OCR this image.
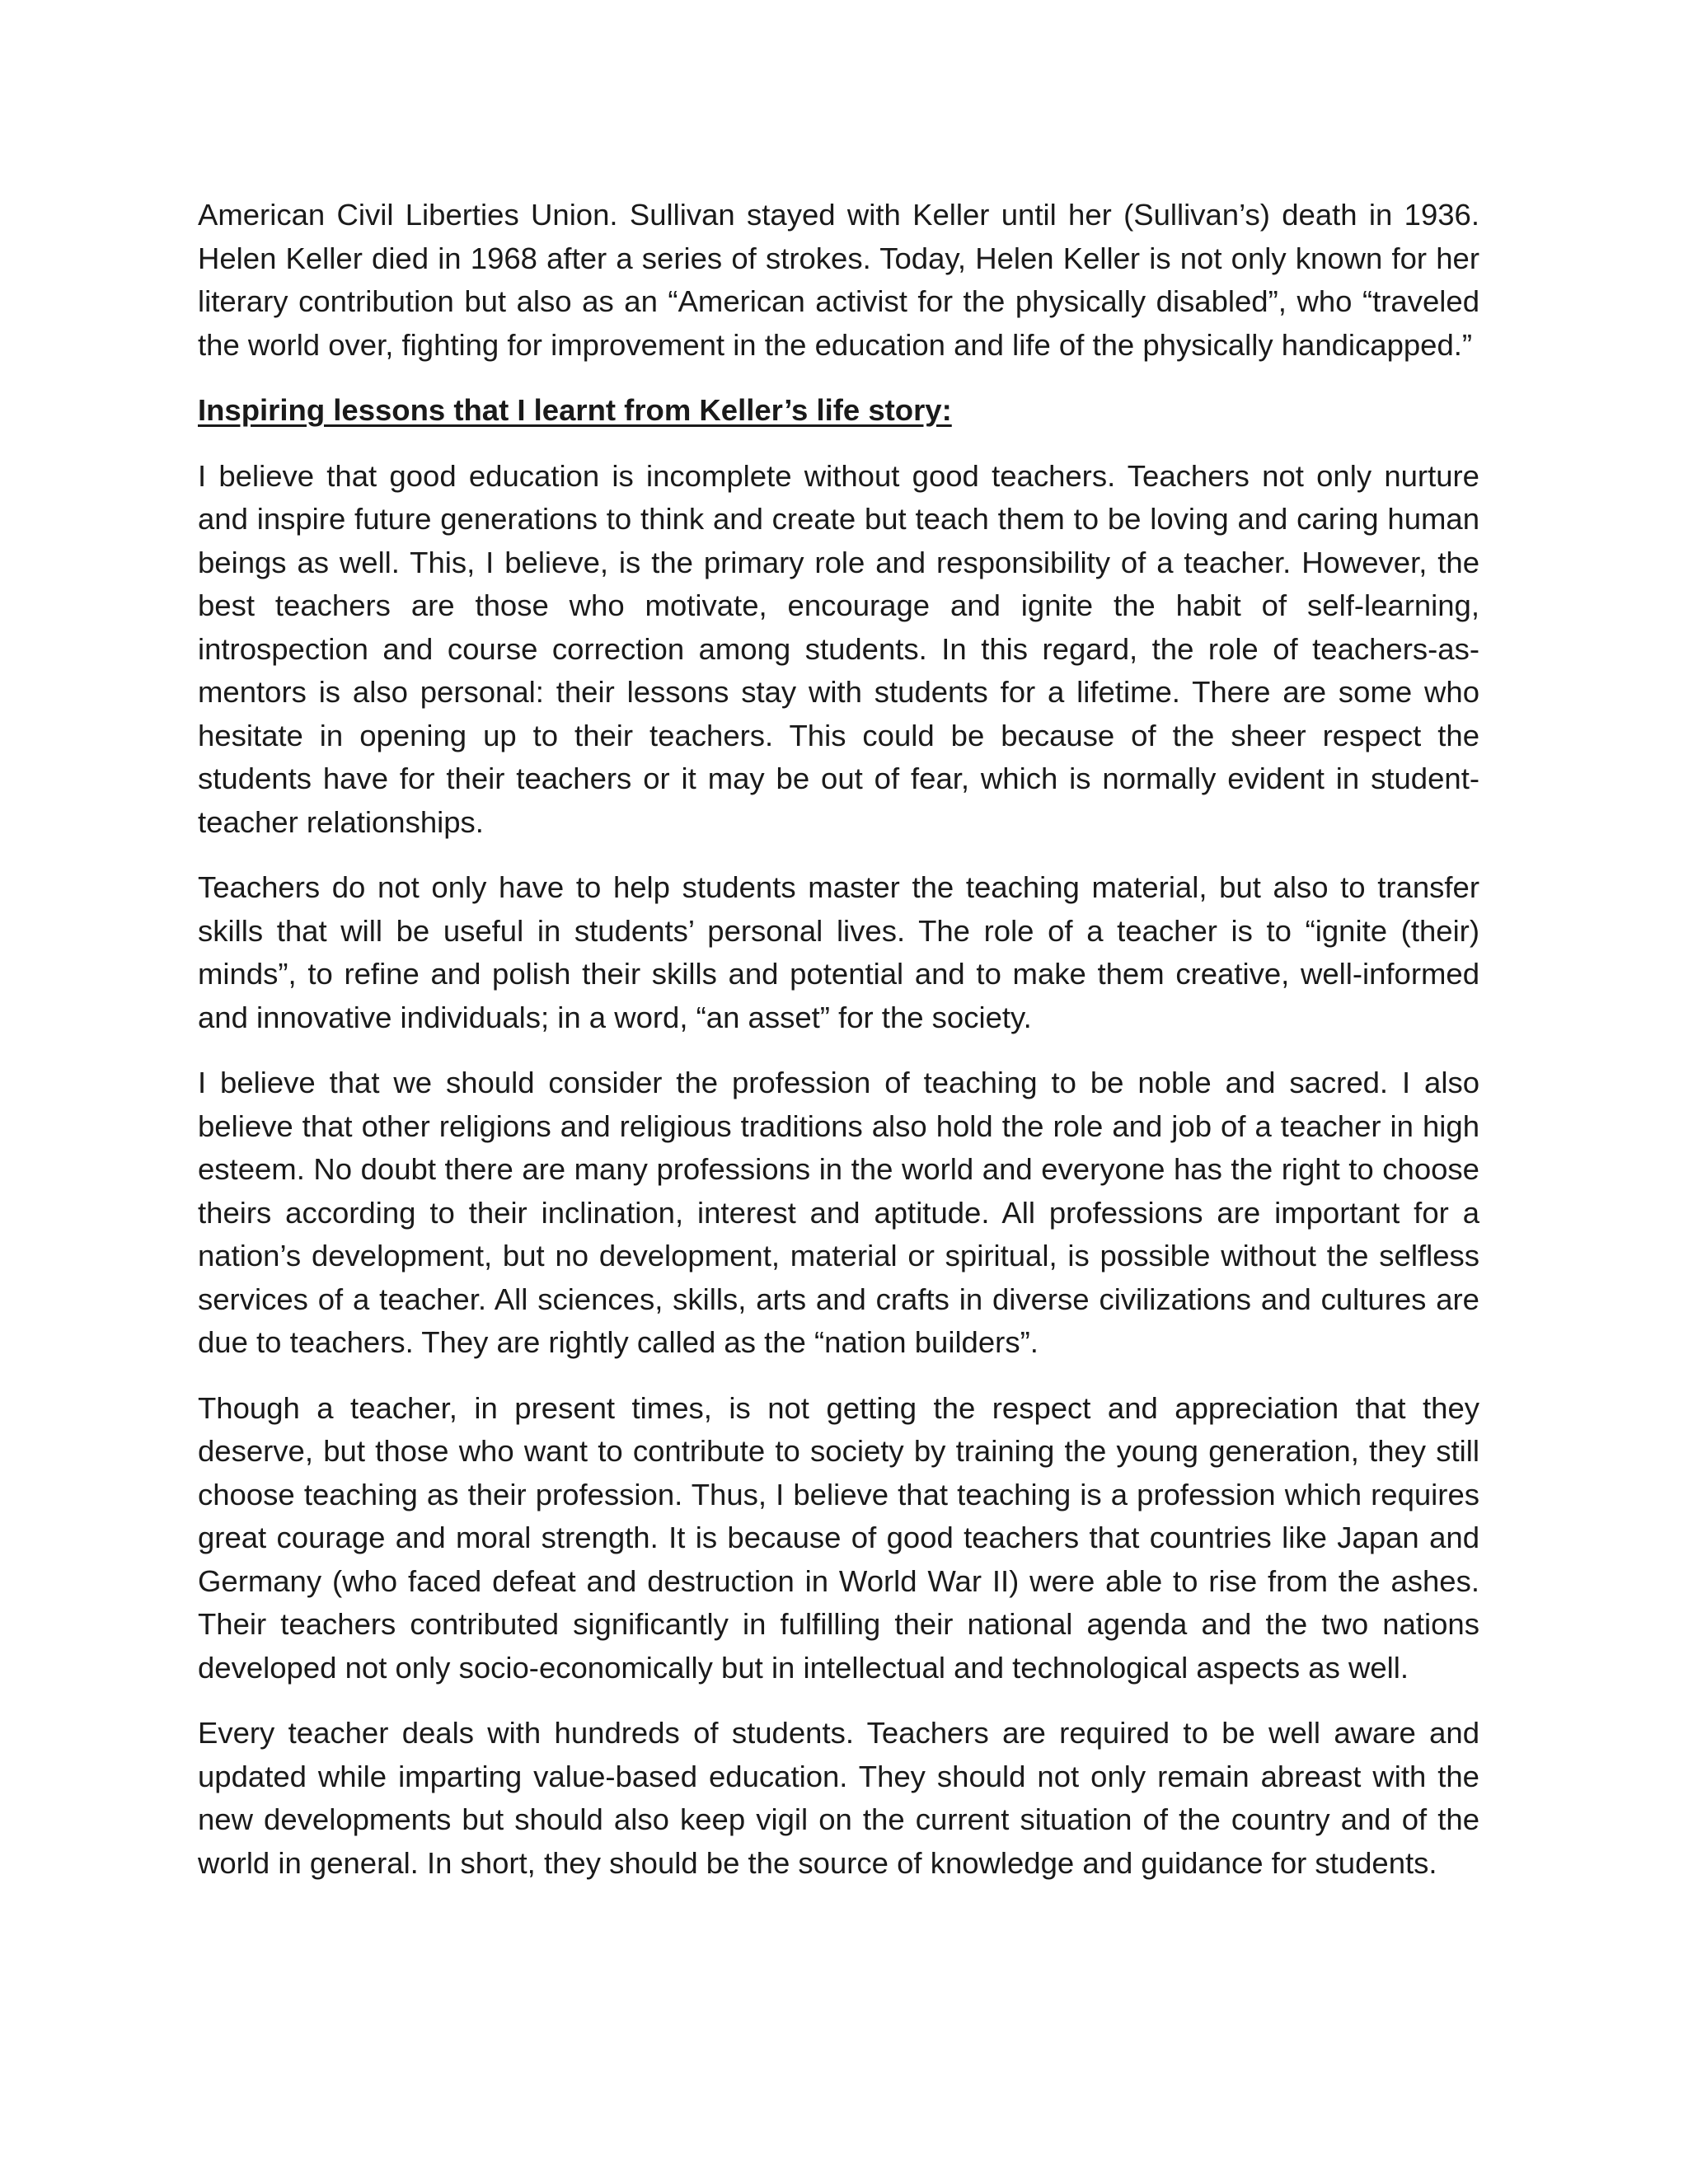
American Civil Liberties Union. Sullivan stayed with Keller until her (Sullivan’s) death in 1936. Helen Keller died in 1968 after a series of strokes. Today, Helen Keller is not only known for her literary contribution but also as an “American activist for the physically disabled”, who “traveled the world over, fighting for improvement in the education and life of the physically handicapped.”

Inspiring lessons that I learnt from Keller’s life story:

I believe that good education is incomplete without good teachers. Teachers not only nurture and inspire future generations to think and create but teach them to be loving and caring human beings as well. This, I believe, is the primary role and responsibility of a teacher. However, the best teachers are those who motivate, encourage and ignite the habit of self-learning, introspection and course correction among students. In this regard, the role of teachers-as-mentors is also personal: their lessons stay with students for a lifetime. There are some who hesitate in opening up to their teachers. This could be because of the sheer respect the students have for their teachers or it may be out of fear, which is normally evident in student-teacher relationships.

Teachers do not only have to help students master the teaching material, but also to transfer skills that will be useful in students’ personal lives. The role of a teacher is to “ignite (their) minds”, to refine and polish their skills and potential and to make them creative, well-informed and innovative individuals; in a word, “an asset” for the society.

I believe that we should consider the profession of teaching to be noble and sacred. I also believe that other religions and religious traditions also hold the role and job of a teacher in high esteem. No doubt there are many professions in the world and everyone has the right to choose theirs according to their inclination, interest and aptitude. All professions are important for a nation’s development, but no development, material or spiritual, is possible without the selfless services of a teacher. All sciences, skills, arts and crafts in diverse civilizations and cultures are due to teachers. They are rightly called as the “nation builders”.

Though a teacher, in present times, is not getting the respect and appreciation that they deserve, but those who want to contribute to society by training the young generation, they still choose teaching as their profession. Thus, I believe that teaching is a profession which requires great courage and moral strength. It is because of good teachers that countries like Japan and Germany (who faced defeat and destruction in World War II) were able to rise from the ashes. Their teachers contributed significantly in fulfilling their national agenda and the two nations developed not only socio-economically but in intellectual and technological aspects as well.

Every teacher deals with hundreds of students. Teachers are required to be well aware and updated while imparting value-based education. They should not only remain abreast with the new developments but should also keep vigil on the current situation of the country and of the world in general. In short, they should be the source of knowledge and guidance for students.
